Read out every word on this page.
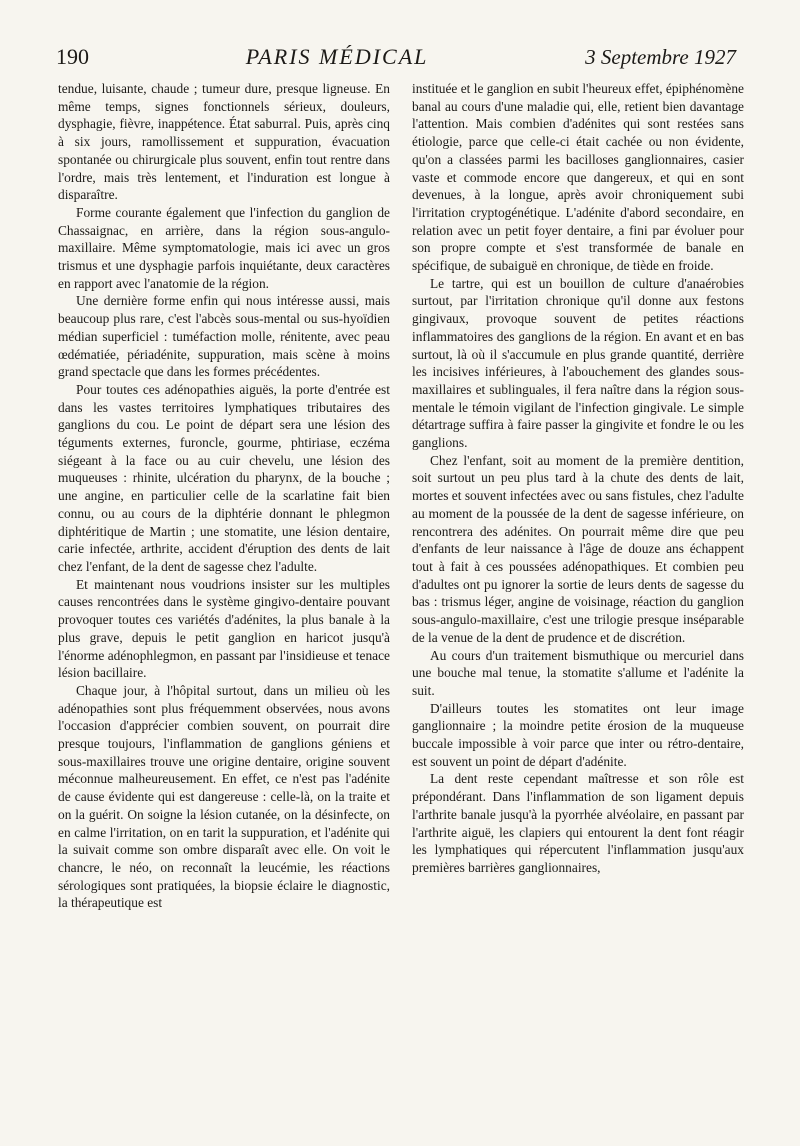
190	PARIS MÉDICAL	3 Septembre 1927

tendue, luisante, chaude ; tumeur dure, presque ligneuse. En même temps, signes fonctionnels sérieux, douleurs, dysphagie, fièvre, inappétence. État saburral. Puis, après cinq à six jours, ramollissement et suppuration, évacuation spontanée ou chirurgicale plus souvent, enfin tout rentre dans l'ordre, mais très lentement, et l'induration est longue à disparaître.

Forme courante également que l'infection du ganglion de Chassaignac, en arrière, dans la région sous-angulo-maxillaire. Même symptomatologie, mais ici avec un gros trismus et une dysphagie parfois inquiétante, deux caractères en rapport avec l'anatomie de la région.

Une dernière forme enfin qui nous intéresse aussi, mais beaucoup plus rare, c'est l'abcès sous-mental ou sus-hyoïdien médian superficiel : tuméfaction molle, rénitente, avec peau œdématiée, périadénite, suppuration, mais scène à moins grand spectacle que dans les formes précédentes.

Pour toutes ces adénopathies aiguës, la porte d'entrée est dans les vastes territoires lymphatiques tributaires des ganglions du cou. Le point de départ sera une lésion des téguments externes, furoncle, gourme, phtiriase, eczéma siégeant à la face ou au cuir chevelu, une lésion des muqueuses : rhinite, ulcération du pharynx, de la bouche ; une angine, en particulier celle de la scarlatine fait bien connu, ou au cours de la diphtérie donnant le phlegmon diphtéritique de Martin ; une stomatite, une lésion dentaire, carie infectée, arthrite, accident d'éruption des dents de lait chez l'enfant, de la dent de sagesse chez l'adulte.

Et maintenant nous voudrions insister sur les multiples causes rencontrées dans le système gingivo-dentaire pouvant provoquer toutes ces variétés d'adénites, la plus banale à la plus grave, depuis le petit ganglion en haricot jusqu'à l'énorme adénophlegmon, en passant par l'insidieuse et tenace lésion bacillaire.

Chaque jour, à l'hôpital surtout, dans un milieu où les adénopathies sont plus fréquemment observées, nous avons l'occasion d'apprécier combien souvent, on pourrait dire presque toujours, l'inflammation de ganglions géniens et sous-maxillaires trouve une origine dentaire, origine souvent méconnue malheureusement. En effet, ce n'est pas l'adénite de cause évidente qui est dangereuse : celle-là, on la traite et on la guérit. On soigne la lésion cutanée, on la désinfecte, on en calme l'irritation, on en tarit la suppuration, et l'adénite qui la suivait comme son ombre disparaît avec elle. On voit le chancre, le néo, on reconnaît la leucémie, les réactions sérologiques sont pratiquées, la biopsie éclaire le diagnostic, la thérapeutique est

instituée et le ganglion en subit l'heureux effet, épiphénomène banal au cours d'une maladie qui, elle, retient bien davantage l'attention. Mais combien d'adénites qui sont restées sans étiologie, parce que celle-ci était cachée ou non évidente, qu'on a classées parmi les bacilloses ganglionnaires, casier vaste et commode encore que dangereux, et qui en sont devenues, à la longue, après avoir chroniquement subi l'irritation cryptogénétique. L'adénite d'abord secondaire, en relation avec un petit foyer dentaire, a fini par évoluer pour son propre compte et s'est transformée de banale en spécifique, de subaiguë en chronique, de tiède en froide.

Le tartre, qui est un bouillon de culture d'anaérobies surtout, par l'irritation chronique qu'il donne aux festons gingivaux, provoque souvent de petites réactions inflammatoires des ganglions de la région. En avant et en bas surtout, là où il s'accumule en plus grande quantité, derrière les incisives inférieures, à l'abouchement des glandes sous-maxillaires et sublinguales, il fera naître dans la région sous-mentale le témoin vigilant de l'infection gingivale. Le simple détartrage suffira à faire passer la gingivite et fondre le ou les ganglions.

Chez l'enfant, soit au moment de la première dentition, soit surtout un peu plus tard à la chute des dents de lait, mortes et souvent infectées avec ou sans fistules, chez l'adulte au moment de la poussée de la dent de sagesse inférieure, on rencontrera des adénites. On pourrait même dire que peu d'enfants de leur naissance à l'âge de douze ans échappent tout à fait à ces poussées adénopathiques. Et combien peu d'adultes ont pu ignorer la sortie de leurs dents de sagesse du bas : trismus léger, angine de voisinage, réaction du ganglion sous-angulo-maxillaire, c'est une trilogie presque inséparable de la venue de la dent de prudence et de discrétion.

Au cours d'un traitement bismuthique ou mercuriel dans une bouche mal tenue, la stomatite s'allume et l'adénite la suit.

D'ailleurs toutes les stomatites ont leur image ganglionnaire ; la moindre petite érosion de la muqueuse buccale impossible à voir parce que inter ou rétro-dentaire, est souvent un point de départ d'adénite.

La dent reste cependant maîtresse et son rôle est prépondérant. Dans l'inflammation de son ligament depuis l'arthrite banale jusqu'à la pyorrhée alvéolaire, en passant par l'arthrite aiguë, les clapiers qui entourent la dent font réagir les lymphatiques qui répercutent l'inflammation jusqu'aux premières barrières ganglionnaires,
